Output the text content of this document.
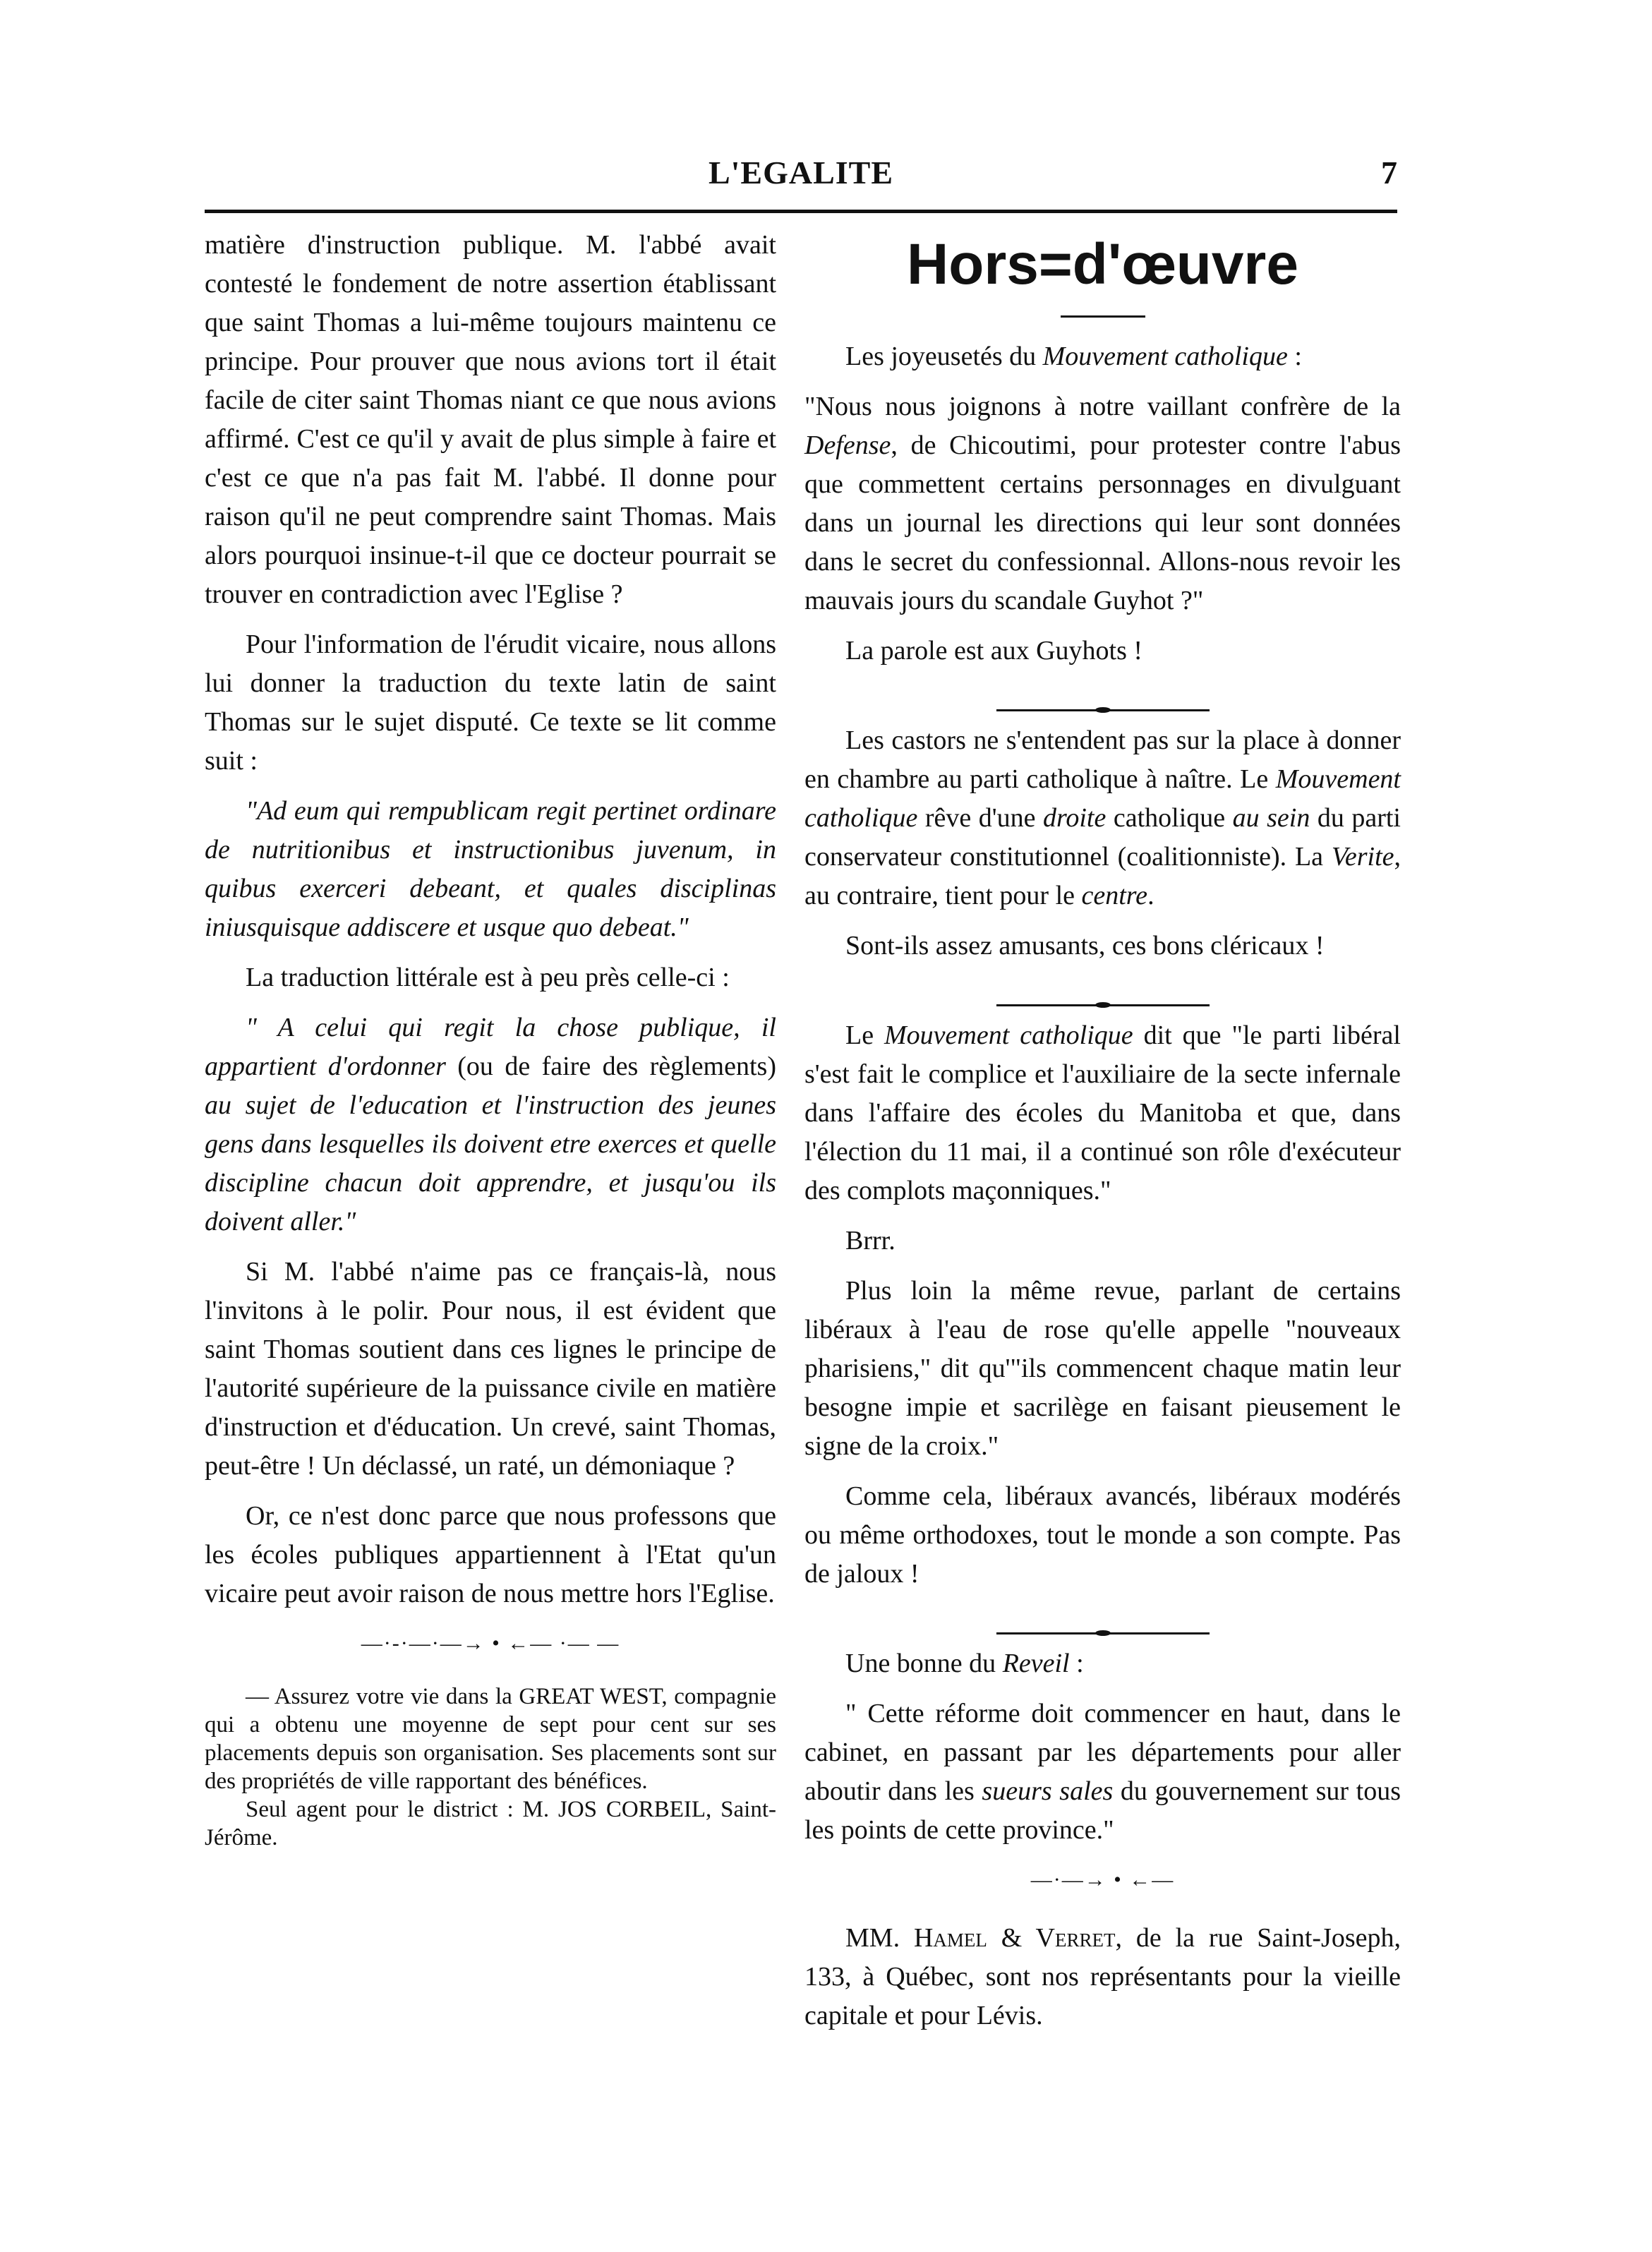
L'EGALITE	7

matière d'instruction publique. M. l'abbé avait contesté le fondement de notre assertion établissant que saint Thomas a lui-même toujours maintenu ce principe. Pour prouver que nous avions tort il était facile de citer saint Thomas niant ce que nous avions affirmé. C'est ce qu'il y avait de plus simple à faire et c'est ce que n'a pas fait M. l'abbé. Il donne pour raison qu'il ne peut comprendre saint Thomas. Mais alors pourquoi insinue-t-il que ce docteur pourrait se trouver en contradiction avec l'Eglise ?

Pour l'information de l'érudit vicaire, nous allons lui donner la traduction du texte latin de saint Thomas sur le sujet disputé. Ce texte se lit comme suit :

"Ad eum qui rempublicam regit pertinet ordinare de nutritionibus et instructionibus juvenum, in quibus exerceri debeant, et quales disciplinas iniusquisque addiscere et usque quo debeat."

La traduction littérale est à peu près celle-ci :

" A celui qui regit la chose publique, il appartient d'ordonner (ou de faire des règlements) au sujet de l'education et l'instruction des jeunes gens dans lesquelles ils doivent etre exerces et quelle discipline chacun doit apprendre, et jusqu'ou ils doivent aller."

Si M. l'abbé n'aime pas ce français-là, nous l'invitons à le polir. Pour nous, il est évident que saint Thomas soutient dans ces lignes le principe de l'autorité supérieure de la puissance civile en matière d'instruction et d'éducation. Un crevé, saint Thomas, peut-être ! Un déclassé, un raté, un démoniaque ?

Or, ce n'est donc parce que nous professons que les écoles publiques appartiennent à l'Etat qu'un vicaire peut avoir raison de nous mettre hors l'Eglise.

—·-·—·—→ • ←— ·— —

— Assurez votre vie dans la GREAT WEST, compagnie qui a obtenu une moyenne de sept pour cent sur ses placements depuis son organisation. Ses placements sont sur des propriétés de ville rapportant des bénéfices.

Seul agent pour le district : M. JOS CORBEIL, Saint-Jérôme.

Hors=d'œuvre

Les joyeusetés du Mouvement catholique :

"Nous nous joignons à notre vaillant confrère de la Defense, de Chicoutimi, pour protester contre l'abus que commettent certains personnages en divulguant dans un journal les directions qui leur sont données dans le secret du confessionnal. Allons-nous revoir les mauvais jours du scandale Guyhot ?"

La parole est aux Guyhots !

Les castors ne s'entendent pas sur la place à donner en chambre au parti catholique à naître. Le Mouvement catholique rêve d'une droite catholique au sein du parti conservateur constitutionnel (coalitionniste). La Verite, au contraire, tient pour le centre.

Sont-ils assez amusants, ces bons cléricaux !

Le Mouvement catholique dit que "le parti libéral s'est fait le complice et l'auxiliaire de la secte infernale dans l'affaire des écoles du Manitoba et que, dans l'élection du 11 mai, il a continué son rôle d'exécuteur des complots maçonniques."

Brrr.

Plus loin la même revue, parlant de certains libéraux à l'eau de rose qu'elle appelle "nouveaux pharisiens," dit qu'"ils commencent chaque matin leur besogne impie et sacrilège en faisant pieusement le signe de la croix."

Comme cela, libéraux avancés, libéraux modérés ou même orthodoxes, tout le monde a son compte. Pas de jaloux !

Une bonne du Reveil :

" Cette réforme doit commencer en haut, dans le cabinet, en passant par les départements pour aller aboutir dans les sueurs sales du gouvernement sur tous les points de cette province."

—·—→ • ←—

MM. Hamel & Verret, de la rue Saint-Joseph, 133, à Québec, sont nos représentants pour la vieille capitale et pour Lévis.
